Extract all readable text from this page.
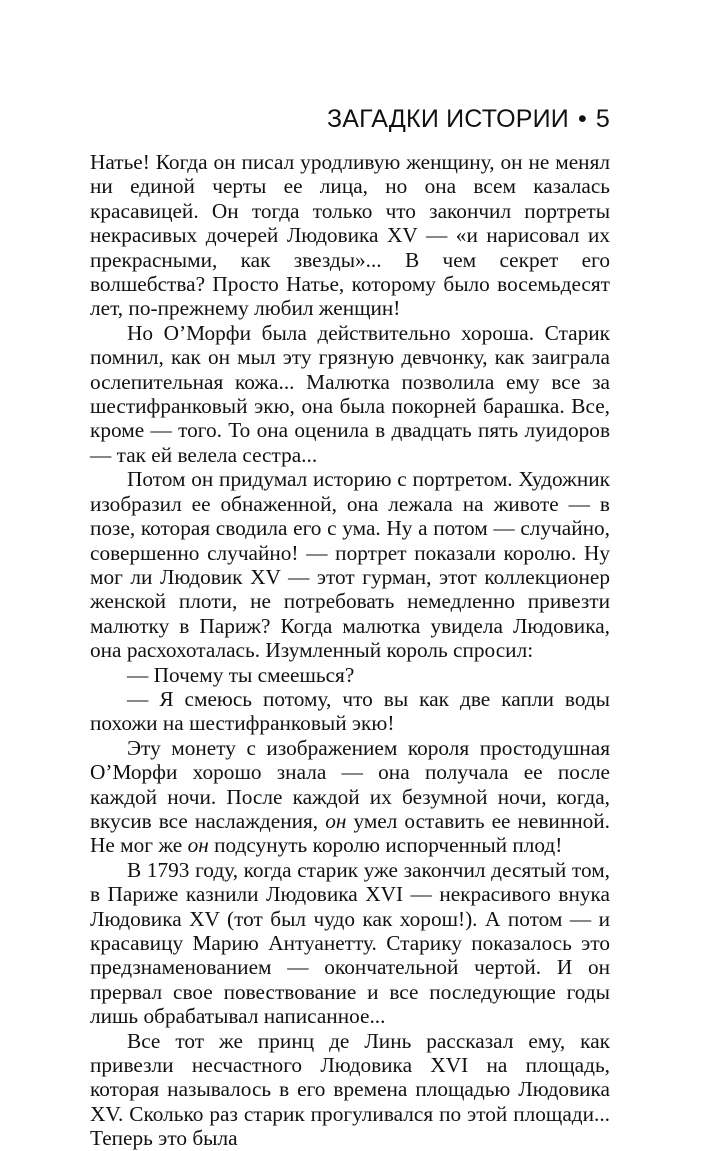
ЗАГАДКИ ИСТОРИИ • 5

Натье! Когда он писал уродливую женщину, он не менял ни единой черты ее лица, но она всем казалась красавицей. Он тогда только что закончил портреты некрасивых дочерей Людовика XV — «и нарисовал их прекрасными, как звезды»... В чем секрет его волшебства? Просто Натье, которому было восемьдесят лет, по-прежнему любил женщин!

Но О’Морфи была действительно хороша. Старик помнил, как он мыл эту грязную девчонку, как заиграла ослепительная кожа... Малютка позволила ему все за шестифранковый экю, она была покорней барашка. Все, кроме — того. То она оценила в двадцать пять луидоров — так ей велела сестра...

Потом он придумал историю с портретом. Художник изобразил ее обнаженной, она лежала на животе — в позе, которая сводила его с ума. Ну а потом — случайно, совершенно случайно! — портрет показали королю. Ну мог ли Людовик XV — этот гурман, этот коллекционер женской плоти, не потребовать немедленно привезти малютку в Париж? Когда малютка увидела Людовика, она расхохоталась. Изумленный король спросил:

— Почему ты смеешься?

— Я смеюсь потому, что вы как две капли воды похожи на шестифранковый экю!

Эту монету с изображением короля простодушная О’Морфи хорошо знала — она получала ее после каждой ночи. После каждой их безумной ночи, когда, вкусив все наслаждения, он умел оставить ее невинной. Не мог же он подсунуть королю испорченный плод!

В 1793 году, когда старик уже закончил десятый том, в Париже казнили Людовика XVI — некрасивого внука Людовика XV (тот был чудо как хорош!). А потом — и красавицу Марию Антуанетту. Старику показалось это предзнаменованием — окончательной чертой. И он прервал свое повествование и все последующие годы лишь обрабатывал написанное...

Все тот же принц де Линь рассказал ему, как привезли несчастного Людовика XVI на площадь, которая называлось в его времена площадью Людовика XV. Сколько раз старик прогуливался по этой площади... Теперь это была
